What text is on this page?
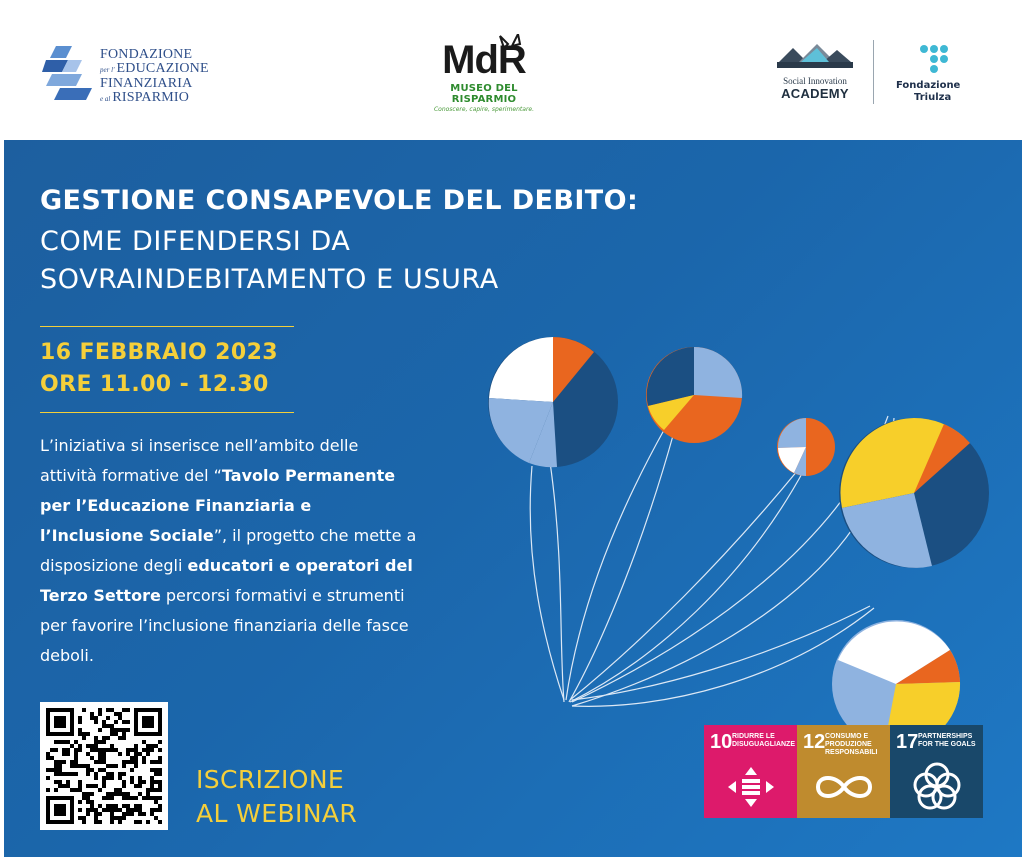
FONDAZIONE
per l' EDUCAZIONE
FINANZIARIA
e al RISPARMIO
MdR
MUSEO DEL RISPARMIO
Conoscere, capire, sperimentare.
Social Innovation
ACADEMY
Fondazione
Triulza
GESTIONE CONSAPEVOLE DEL DEBITO:
COME DIFENDERSI DA
SOVRAINDEBITAMENTO E USURA
16 FEBBRAIO 2023
ORE 11.00 - 12.30
L’iniziativa si inserisce nell’ambito delle attività formative del “Tavolo Permanente per l’Educazione Finanziaria e l’Inclusione Sociale”, il progetto che mette a disposizione degli educatori e operatori del Terzo Settore percorsi formativi e strumenti per favorire l’inclusione finanziaria delle fasce deboli.
ISCRIZIONE
AL WEBINAR
10 RIDURRE LE DISUGUAGLIANZE 12 CONSUMO E PRODUZIONE RESPONSABILI 17 PARTNERSHIPS FOR THE GOALS
